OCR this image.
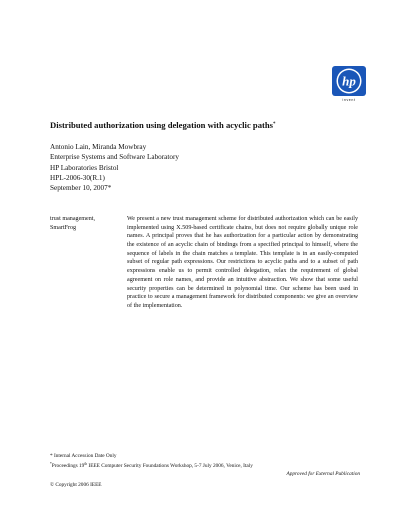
hp
invent
Distributed authorization using delegation with acyclic paths*
Antonio Lain, Miranda Mowbray
Enterprise Systems and Software Laboratory
HP Laboratories Bristol
HPL-2006-30(R.1)
September 10, 2007*
trust management,
SmartFrog
We present a new trust management scheme for distributed authorization which can be easily implemented using X.509-based certificate chains, but does not require globally unique role names. A principal proves that he has authorization for a particular action by demonstrating the existence of an acyclic chain of bindings from a specified principal to himself, where the sequence of labels in the chain matches a template. This template is in an easily-computed subset of regular path expressions. Our restrictions to acyclic paths and to a subset of path expressions enable us to permit controlled delegation, relax the requirement of global agreement on role names, and provide an intuitive abstraction. We show that some useful security properties can be determined in polynomial time. Our scheme has been used in practice to secure a management framework for distributed components: we give an overview of the implementation.
* Internal Accession Date Only
*Proceedings 19th IEEE Computer Security Foundations Workshop, 5-7 July 2006, Venice, Italy
Approved for External Publication
© Copyright 2006 IEEE
